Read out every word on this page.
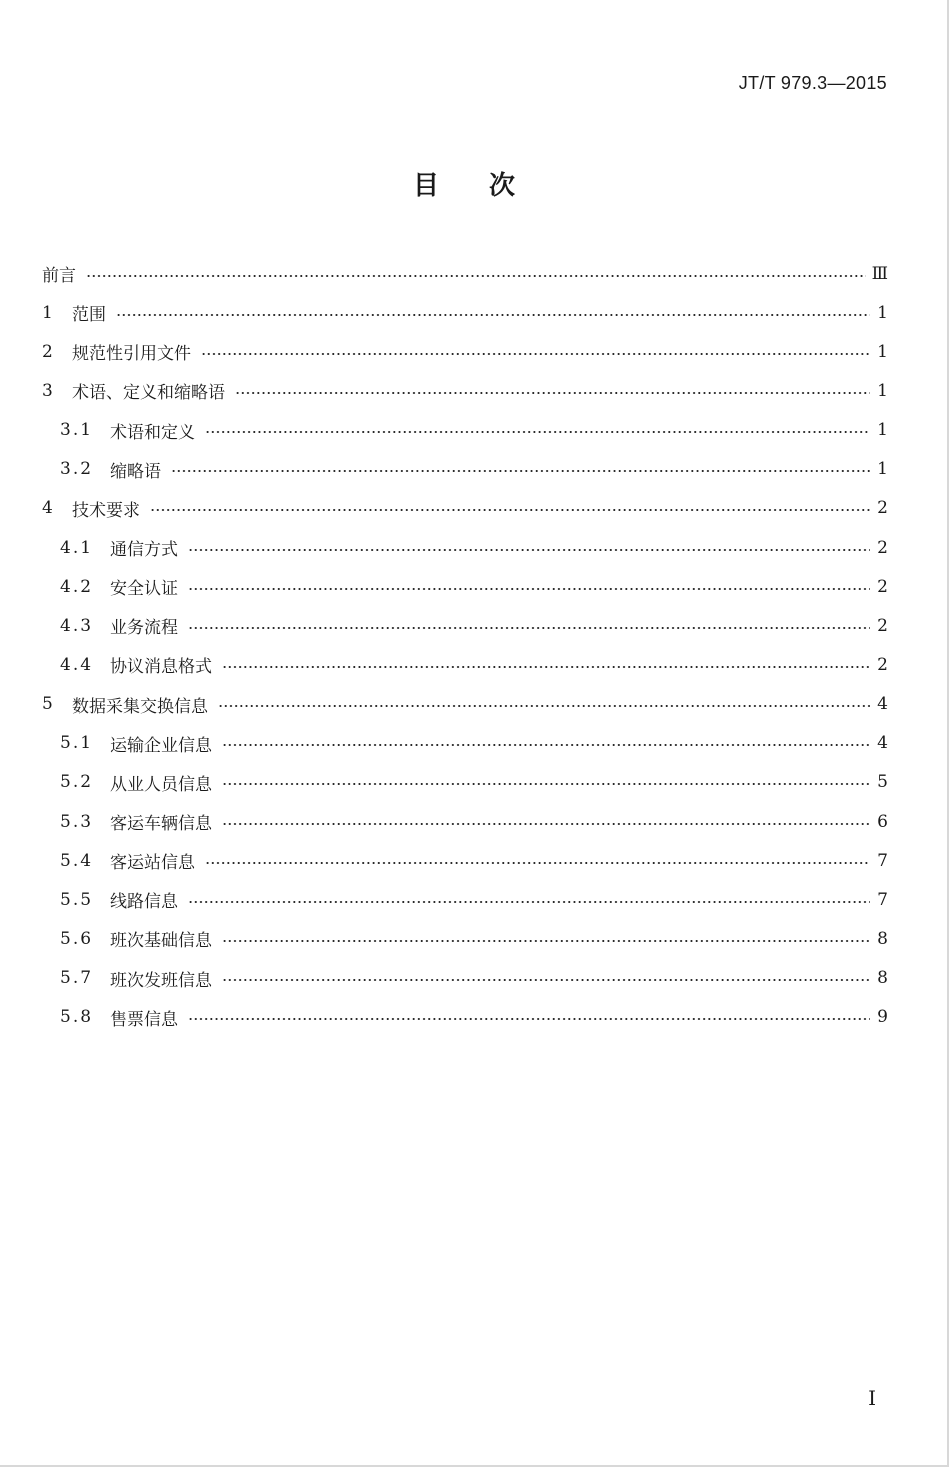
JT/T 979.3—2015
目次
前言	Ⅲ
1	范围	1
2	规范性引用文件	1
3	术语、定义和缩略语	1
3.1 术语和定义	1
3.2 缩略语	1
4	技术要求	2
4.1 通信方式	2
4.2 安全认证	2
4.3 业务流程	2
4.4 协议消息格式	2
5	数据采集交换信息	4
5.1 运输企业信息	4
5.2 从业人员信息	5
5.3 客运车辆信息	6
5.4 客运站信息	7
5.5 线路信息	7
5.6 班次基础信息	8
5.7 班次发班信息	8
5.8 售票信息	9
I
